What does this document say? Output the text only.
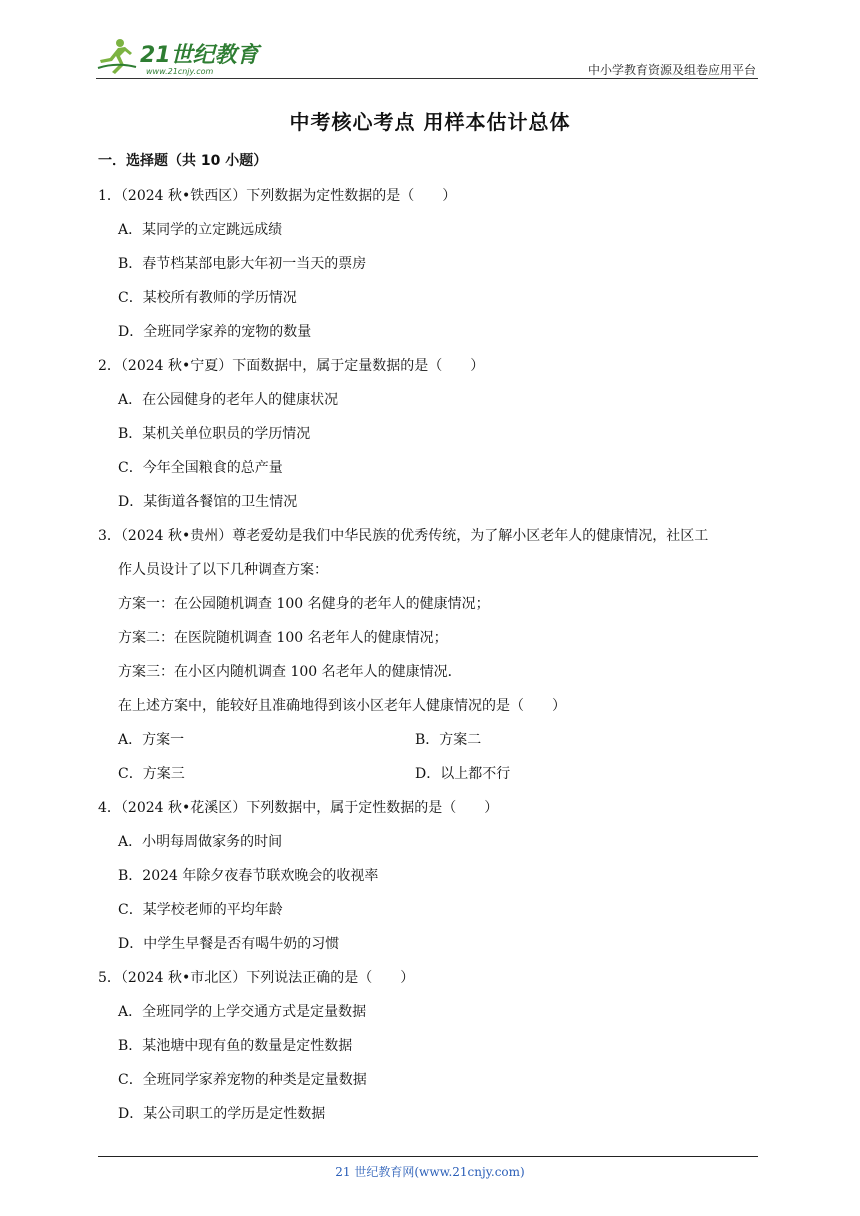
21世纪教育
www.21cnjy.com	中小学教育资源及组卷应用平台
中考核心考点 用样本估计总体
一．选择题（共 10 小题）
1．（2024 秋•铁西区）下列数据为定性数据的是（　　）
A．某同学的立定跳远成绩
B．春节档某部电影大年初一当天的票房
C．某校所有教师的学历情况
D．全班同学家养的宠物的数量
2．（2024 秋•宁夏）下面数据中，属于定量数据的是（　　）
A．在公园健身的老年人的健康状况
B．某机关单位职员的学历情况
C．今年全国粮食的总产量
D．某街道各餐馆的卫生情况
3．（2024 秋•贵州）尊老爱幼是我们中华民族的优秀传统，为了解小区老年人的健康情况，社区工
作人员设计了以下几种调查方案：
方案一：在公园随机调查 100 名健身的老年人的健康情况；
方案二：在医院随机调查 100 名老年人的健康情况；
方案三：在小区内随机调查 100 名老年人的健康情况．
在上述方案中，能较好且准确地得到该小区老年人健康情况的是（　　）
A．方案一	B．方案二
C．方案三	D．以上都不行
4．（2024 秋•花溪区）下列数据中，属于定性数据的是（　　）
A．小明每周做家务的时间
B．2024 年除夕夜春节联欢晚会的收视率
C．某学校老师的平均年龄
D．中学生早餐是否有喝牛奶的习惯
5．（2024 秋•市北区）下列说法正确的是（　　）
A．全班同学的上学交通方式是定量数据
B．某池塘中现有鱼的数量是定性数据
C．全班同学家养宠物的种类是定量数据
D．某公司职工的学历是定性数据
21 世纪教育网(www.21cnjy.com)
